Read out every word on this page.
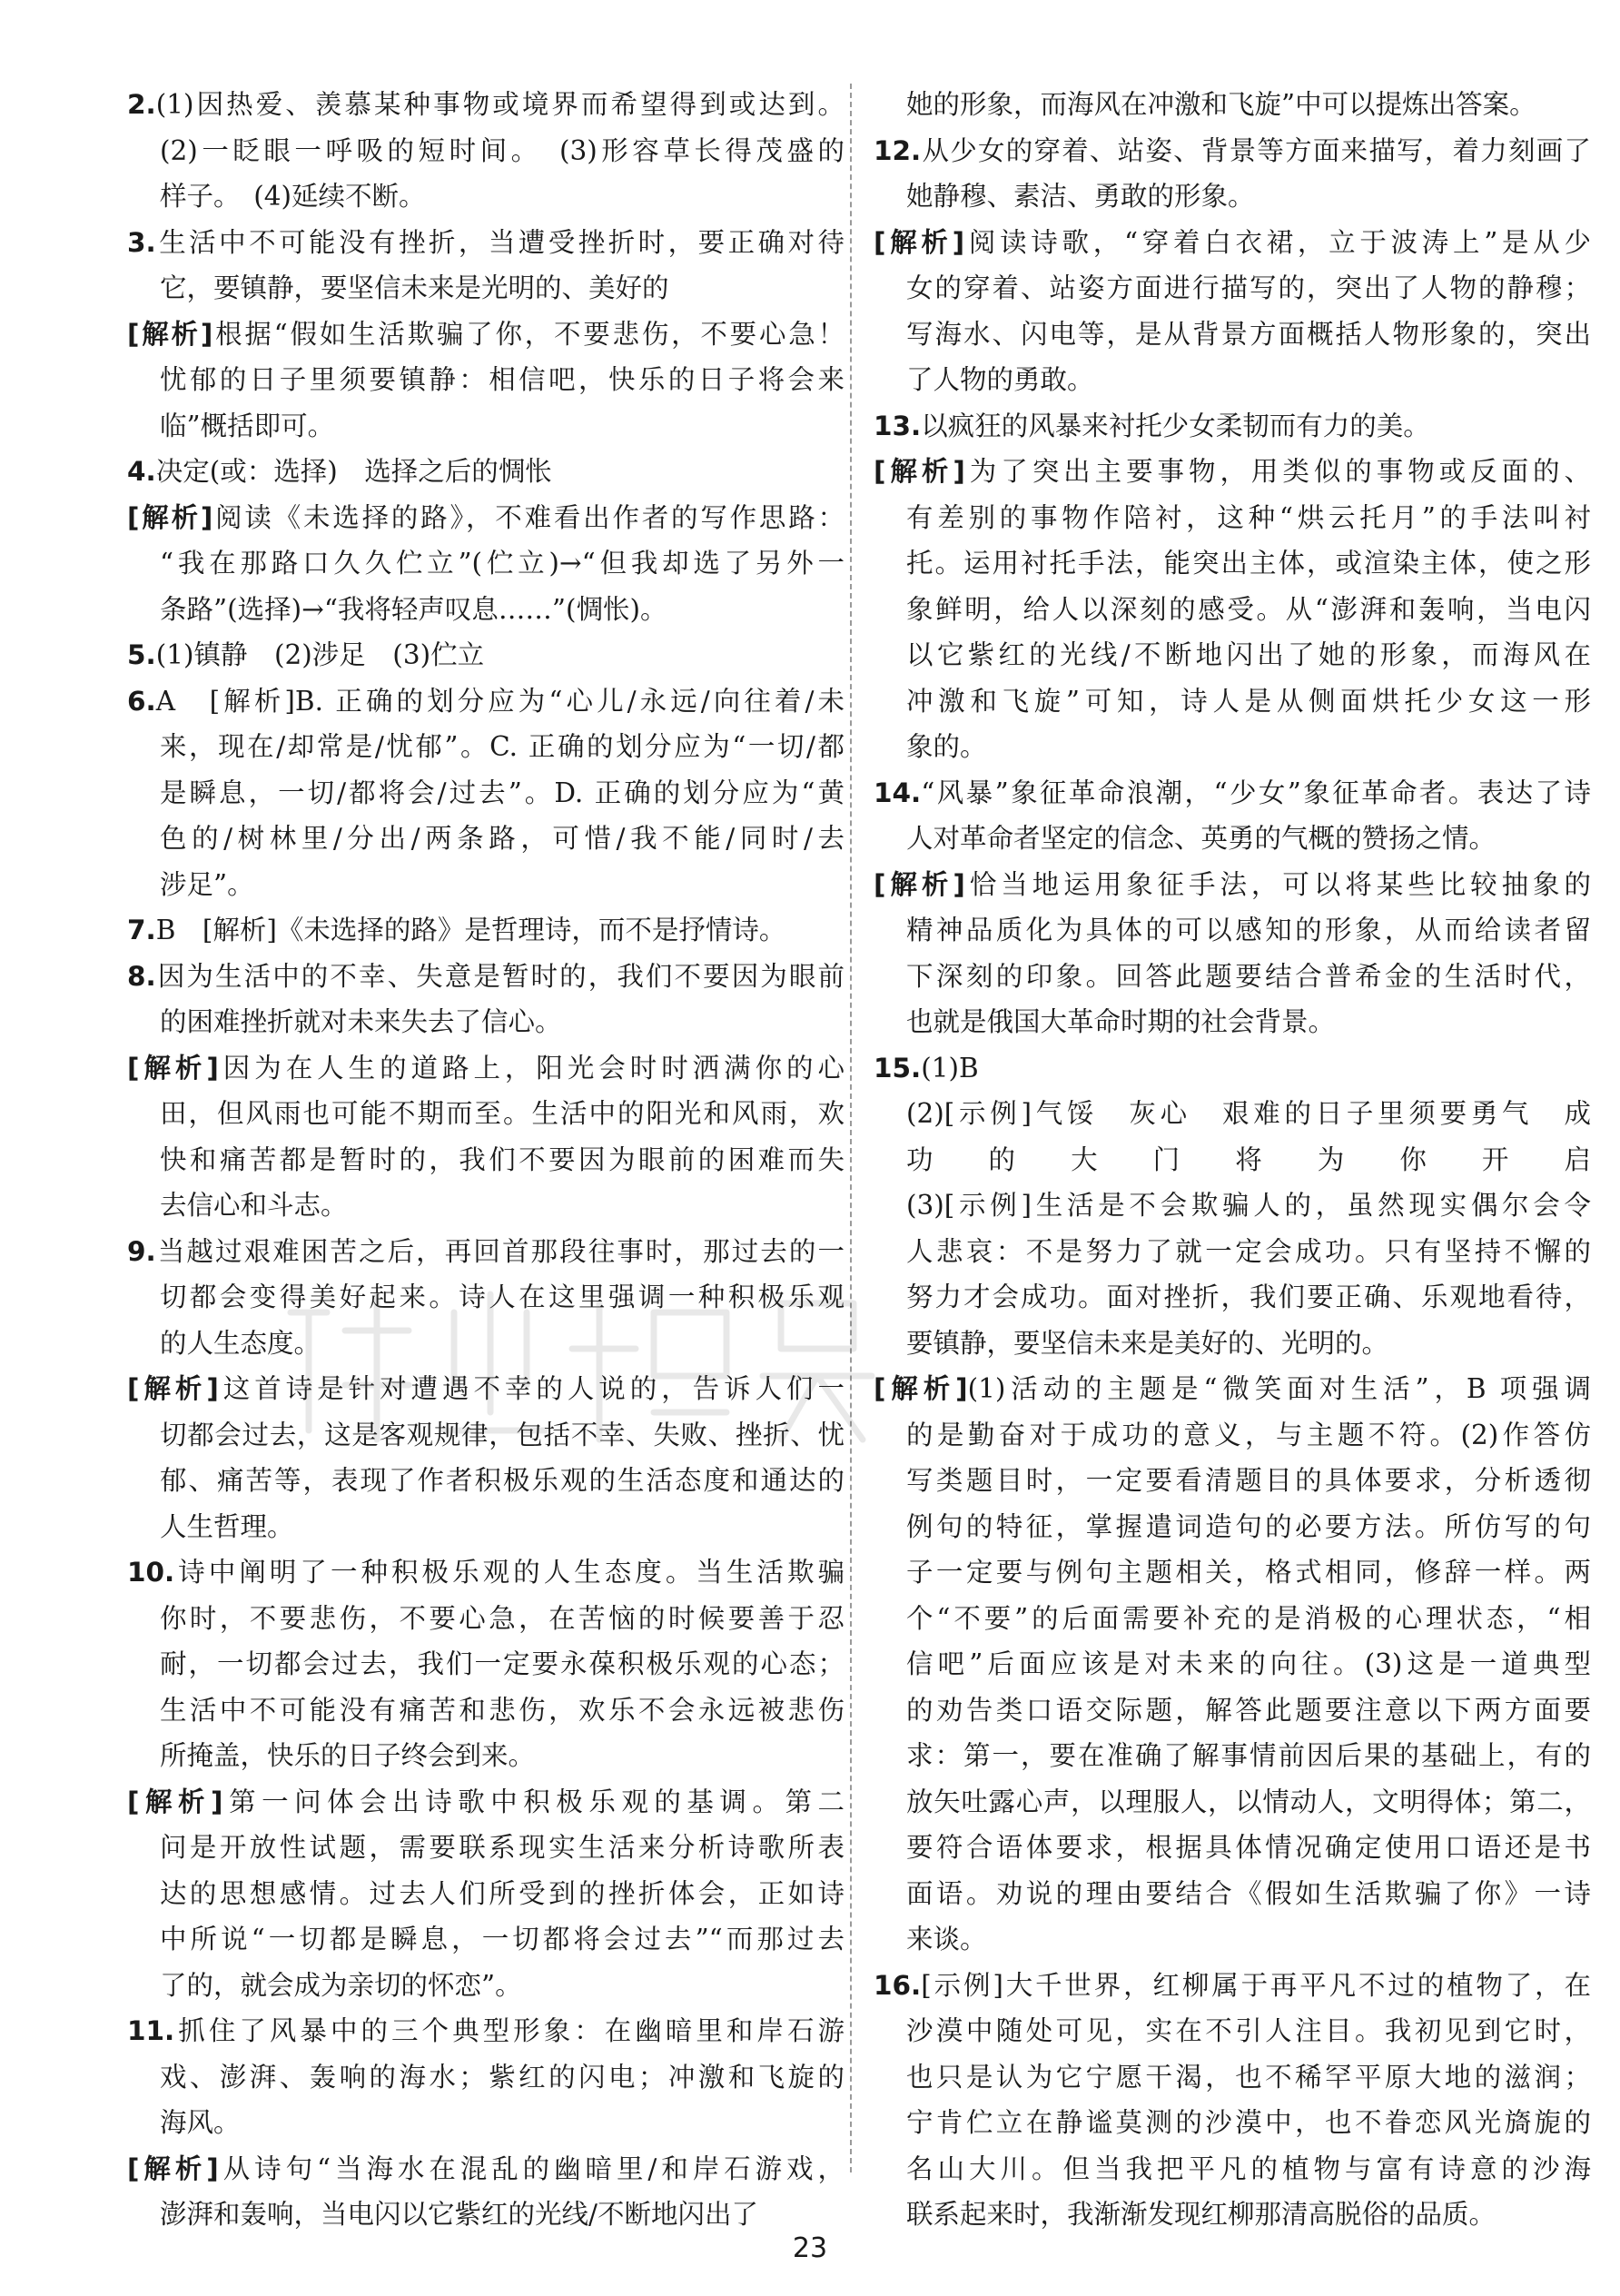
2.(1)因热爱、羡慕某种事物或境界而希望得到或达到。
(2)一眨眼一呼吸的短时间。　(3)形容草长得茂盛的
样子。　(4)延续不断。
3.生活中不可能没有挫折，当遭受挫折时，要正确对待
它，要镇静，要坚信未来是光明的、美好的
[解析]根据“假如生活欺骗了你，不要悲伤，不要心急！
忧郁的日子里须要镇静：相信吧，快乐的日子将会来
临”概括即可。
4.决定(或：选择)　选择之后的惆怅
[解析]阅读《未选择的路》，不难看出作者的写作思路：
“我在那路口久久伫立”(伫立)→“但我却选了另外一
条路”(选择)→“我将轻声叹息……”(惆怅)。
5.(1)镇静　(2)涉足　(3)伫立
6.A　[解析]B. 正确的划分应为“心儿/永远/向往着/未
来，现在/却常是/忧郁”。C. 正确的划分应为“一切/都
是瞬息，一切/都将会/过去”。D. 正确的划分应为“黄
色的/树林里/分出/两条路，可惜/我不能/同时/去
涉足”。
7.B　[解析]《未选择的路》是哲理诗，而不是抒情诗。
8.因为生活中的不幸、失意是暂时的，我们不要因为眼前
的困难挫折就对未来失去了信心。
[解析]因为在人生的道路上，阳光会时时洒满你的心
田，但风雨也可能不期而至。生活中的阳光和风雨，欢
快和痛苦都是暂时的，我们不要因为眼前的困难而失
去信心和斗志。
9.当越过艰难困苦之后，再回首那段往事时，那过去的一
切都会变得美好起来。诗人在这里强调一种积极乐观
的人生态度。
[解析]这首诗是针对遭遇不幸的人说的，告诉人们一
切都会过去，这是客观规律，包括不幸、失败、挫折、忧
郁、痛苦等，表现了作者积极乐观的生活态度和通达的
人生哲理。
10.诗中阐明了一种积极乐观的人生态度。当生活欺骗
你时，不要悲伤，不要心急，在苦恼的时候要善于忍
耐，一切都会过去，我们一定要永葆积极乐观的心态；
生活中不可能没有痛苦和悲伤，欢乐不会永远被悲伤
所掩盖，快乐的日子终会到来。
[解析]第一问体会出诗歌中积极乐观的基调。第二
问是开放性试题，需要联系现实生活来分析诗歌所表
达的思想感情。过去人们所受到的挫折体会，正如诗
中所说“一切都是瞬息，一切都将会过去”“而那过去
了的，就会成为亲切的怀恋”。
11.抓住了风暴中的三个典型形象：在幽暗里和岸石游
戏、澎湃、轰响的海水；紫红的闪电；冲激和飞旋的
海风。
[解析]从诗句“当海水在混乱的幽暗里/和岸石游戏，
澎湃和轰响，当电闪以它紫红的光线/不断地闪出了
她的形象，而海风在冲激和飞旋”中可以提炼出答案。
12.从少女的穿着、站姿、背景等方面来描写，着力刻画了
她静穆、素洁、勇敢的形象。
[解析]阅读诗歌，“穿着白衣裙，立于波涛上”是从少
女的穿着、站姿方面进行描写的，突出了人物的静穆；
写海水、闪电等，是从背景方面概括人物形象的，突出
了人物的勇敢。
13.以疯狂的风暴来衬托少女柔韧而有力的美。
[解析]为了突出主要事物，用类似的事物或反面的、
有差别的事物作陪衬，这种“烘云托月”的手法叫衬
托。运用衬托手法，能突出主体，或渲染主体，使之形
象鲜明，给人以深刻的感受。从“澎湃和轰响，当电闪
以它紫红的光线/不断地闪出了她的形象，而海风在
冲激和飞旋”可知，诗人是从侧面烘托少女这一形
象的。
14.“风暴”象征革命浪潮，“少女”象征革命者。表达了诗
人对革命者坚定的信念、英勇的气概的赞扬之情。
[解析]恰当地运用象征手法，可以将某些比较抽象的
精神品质化为具体的可以感知的形象，从而给读者留
下深刻的印象。回答此题要结合普希金的生活时代，
也就是俄国大革命时期的社会背景。
15.(1)B
(2)[示例]气馁　灰心　艰难的日子里须要勇气　成
功的大门将为你开启
(3)[示例]生活是不会欺骗人的，虽然现实偶尔会令
人悲哀：不是努力了就一定会成功。只有坚持不懈的
努力才会成功。面对挫折，我们要正确、乐观地看待，
要镇静，要坚信未来是美好的、光明的。
[解析](1)活动的主题是“微笑面对生活”，B 项强调
的是勤奋对于成功的意义，与主题不符。(2)作答仿
写类题目时，一定要看清题目的具体要求，分析透彻
例句的特征，掌握遣词造句的必要方法。所仿写的句
子一定要与例句主题相关，格式相同，修辞一样。两
个“不要”的后面需要补充的是消极的心理状态，“相
信吧”后面应该是对未来的向往。(3)这是一道典型
的劝告类口语交际题，解答此题要注意以下两方面要
求：第一，要在准确了解事情前因后果的基础上，有的
放矢吐露心声，以理服人，以情动人，文明得体；第二，
要符合语体要求，根据具体情况确定使用口语还是书
面语。劝说的理由要结合《假如生活欺骗了你》一诗
来谈。
16.[示例]大千世界，红柳属于再平凡不过的植物了，在
沙漠中随处可见，实在不引人注目。我初见到它时，
也只是认为它宁愿干渴，也不稀罕平原大地的滋润；
宁肯伫立在静谧莫测的沙漠中，也不眷恋风光旖旎的
名山大川。但当我把平凡的植物与富有诗意的沙海
联系起来时，我渐渐发现红柳那清高脱俗的品质。
23
